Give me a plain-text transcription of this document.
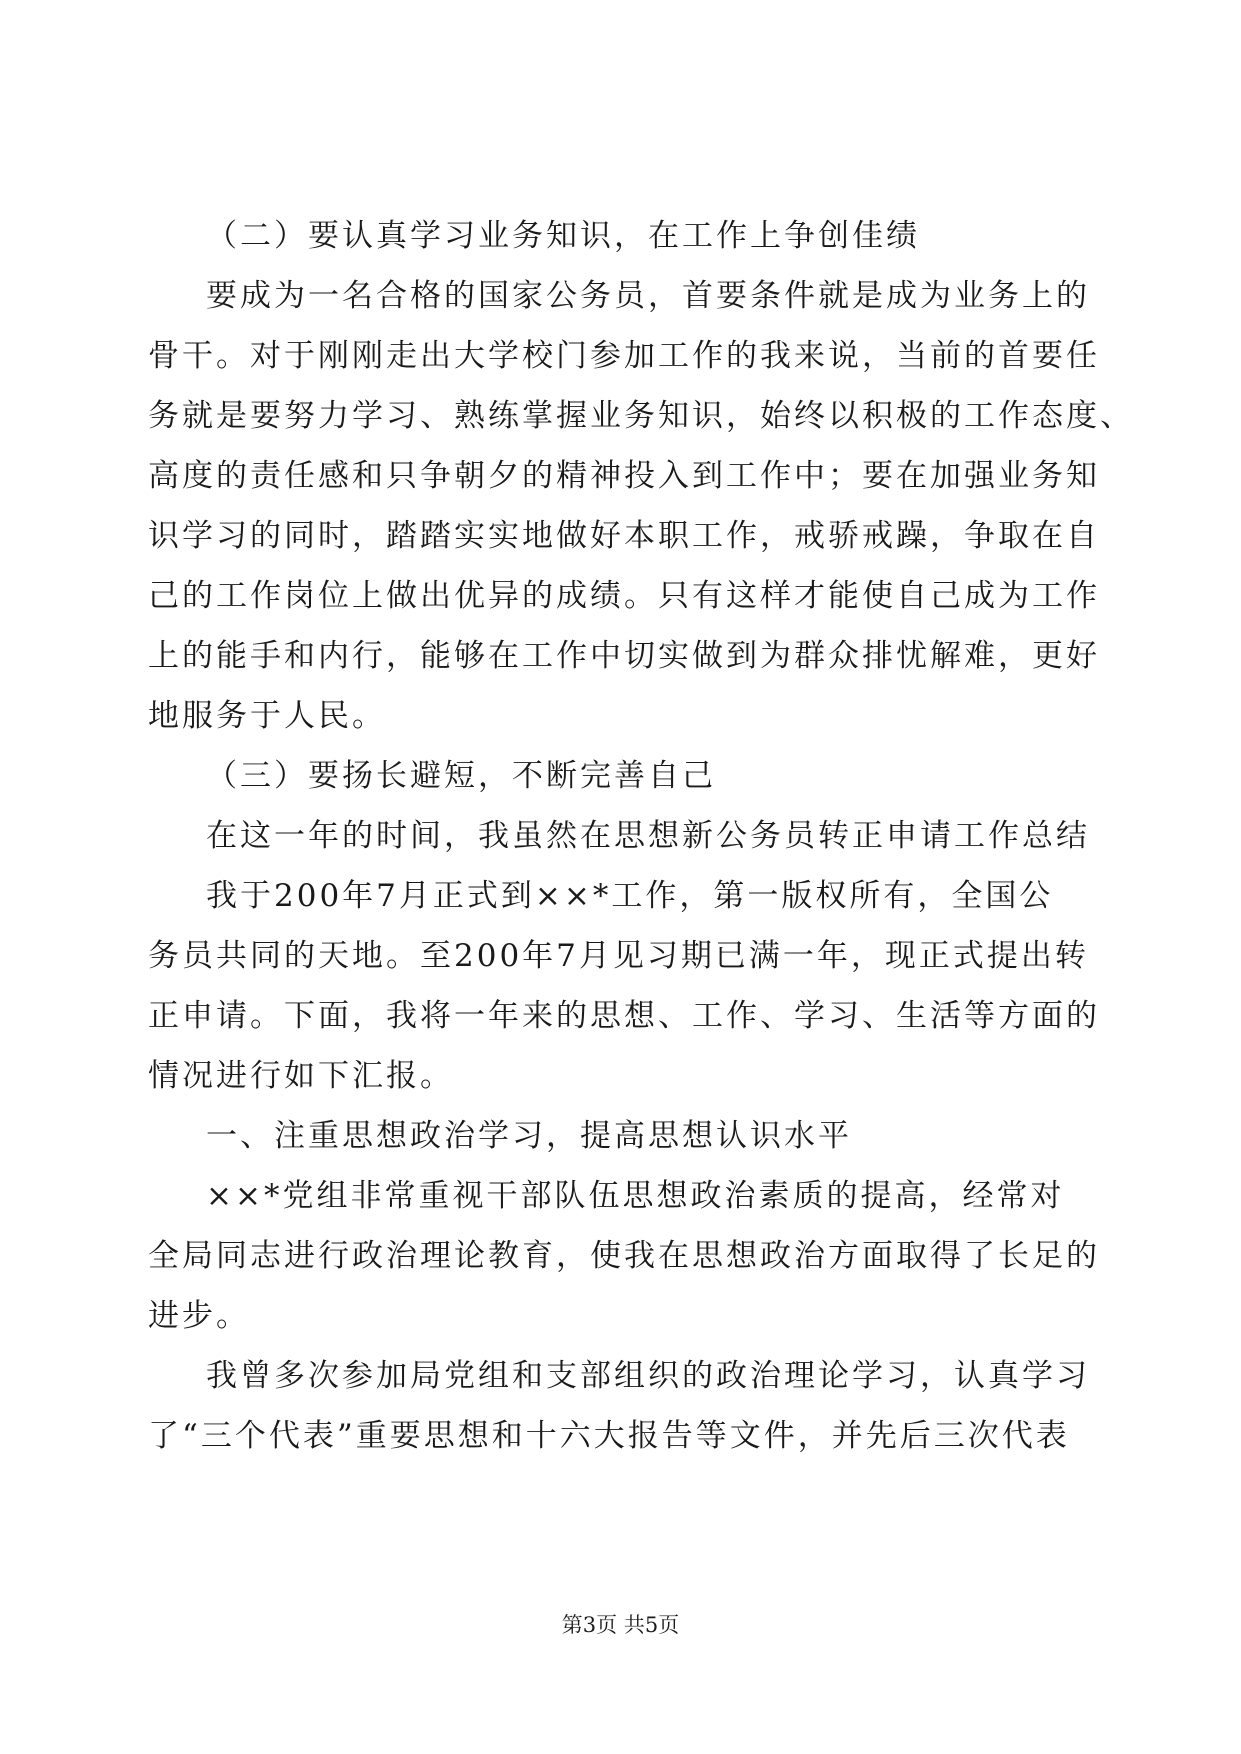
（二）要认真学习业务知识，在工作上争创佳绩
要成为一名合格的国家公务员，首要条件就是成为业务上的
骨干。对于刚刚走出大学校门参加工作的我来说，当前的首要任
务就是要努力学习、熟练掌握业务知识，始终以积极的工作态度、
高度的责任感和只争朝夕的精神投入到工作中；要在加强业务知
识学习的同时，踏踏实实地做好本职工作，戒骄戒躁，争取在自
己的工作岗位上做出优异的成绩。只有这样才能使自己成为工作
上的能手和内行，能够在工作中切实做到为群众排忧解难，更好
地服务于人民。
（三）要扬长避短，不断完善自己
在这一年的时间，我虽然在思想新公务员转正申请工作总结
我于200年7月正式到××*工作，第一版权所有，全国公
务员共同的天地。至200年7月见习期已满一年，现正式提出转
正申请。下面，我将一年来的思想、工作、学习、生活等方面的
情况进行如下汇报。
一、注重思想政治学习，提高思想认识水平
××*党组非常重视干部队伍思想政治素质的提高，经常对
全局同志进行政治理论教育，使我在思想政治方面取得了长足的
进步。
我曾多次参加局党组和支部组织的政治理论学习，认真学习
了“三个代表”重要思想和十六大报告等文件，并先后三次代表
第3页 共5页
